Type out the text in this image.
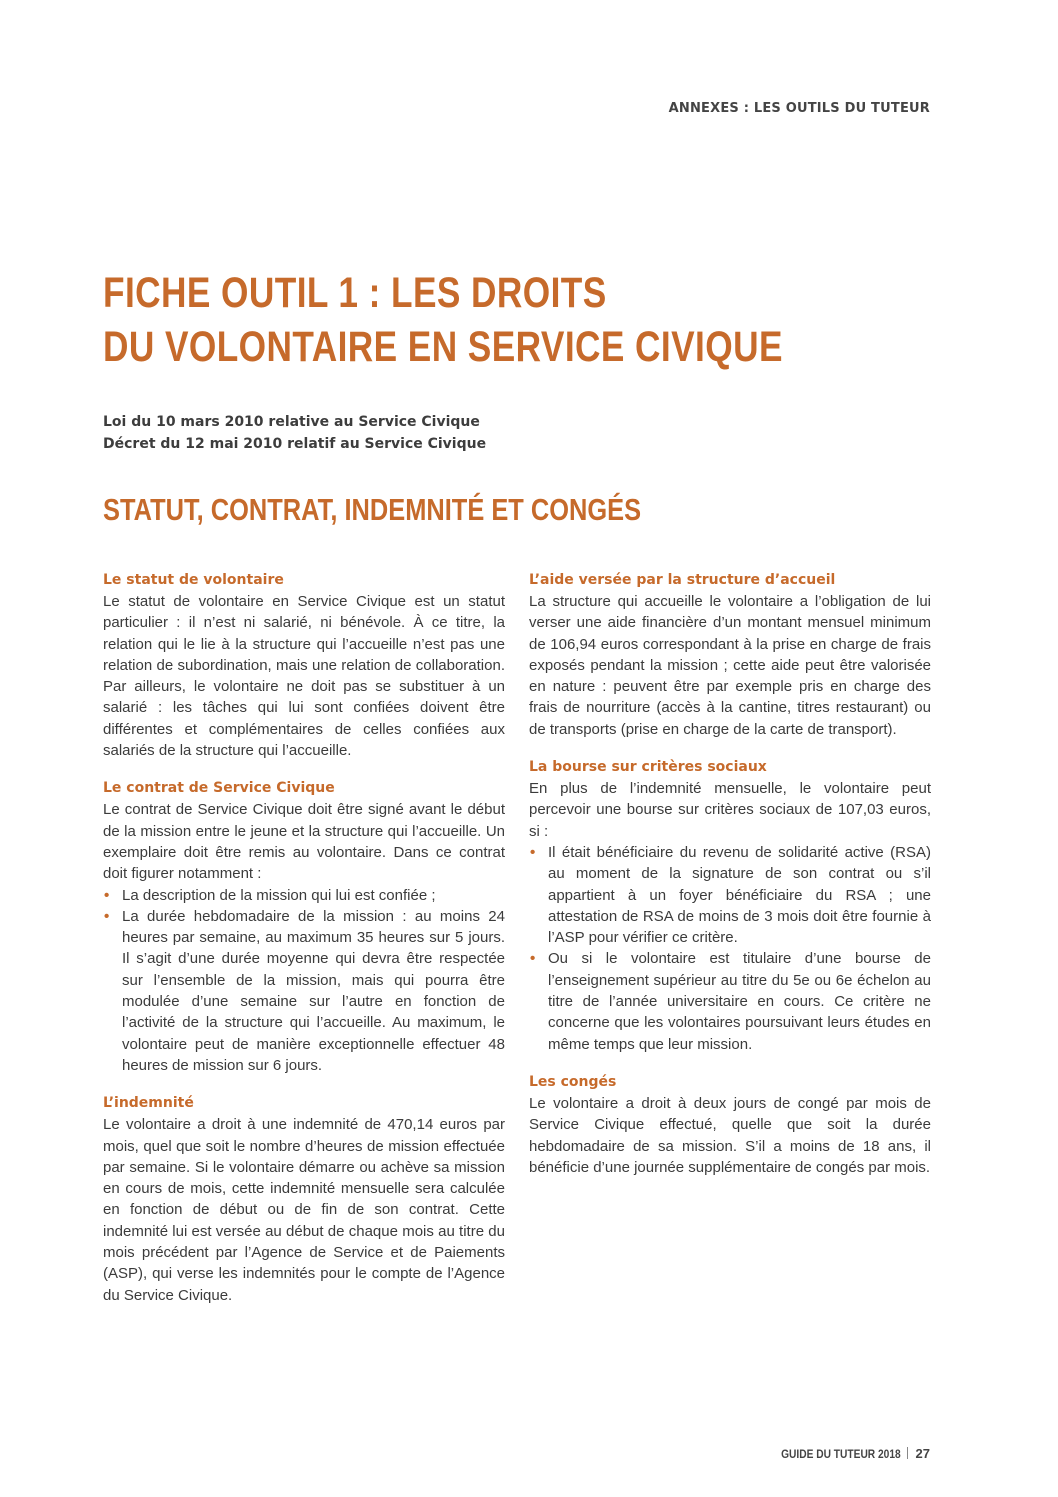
ANNEXES : LES OUTILS DU TUTEUR
FICHE OUTIL 1 : LES DROITS
DU VOLONTAIRE EN SERVICE CIVIQUE
Loi du 10 mars 2010 relative au Service Civique
Décret du 12 mai 2010 relatif au Service Civique
STATUT, CONTRAT, INDEMNITÉ ET CONGÉS
Le statut de volontaire

Le statut de volontaire en Service Civique est un statut particulier : il n’est ni salarié, ni bénévole. À ce titre, la relation qui le lie à la structure qui l’accueille n’est pas une relation de subordination, mais une relation de collaboration. Par ailleurs, le volontaire ne doit pas se substituer à un salarié : les tâches qui lui sont confiées doivent être différentes et complémentaires de celles confiées aux salariés de la structure qui l’accueille.

Le contrat de Service Civique

Le contrat de Service Civique doit être signé avant le début de la mission entre le jeune et la structure qui l’accueille. Un exemplaire doit être remis au volontaire. Dans ce contrat doit figurer notamment :

• La description de la mission qui lui est confiée ;
• La durée hebdomadaire de la mission : au moins 24 heures par semaine, au maximum 35 heures sur 5 jours. Il s’agit d’une durée moyenne qui devra être respectée sur l’ensemble de la mission, mais qui pourra être modulée d’une semaine sur l’autre en fonction de l’activité de la structure qui l’accueille. Au maximum, le volontaire peut de manière exceptionnelle effectuer 48 heures de mission sur 6 jours.
L’indemnité

Le volontaire a droit à une indemnité de 470,14 euros par mois, quel que soit le nombre d’heures de mission effectuée par semaine. Si le volontaire démarre ou achève sa mission en cours de mois, cette indemnité mensuelle sera calculée en fonction de début ou de fin de son contrat. Cette indemnité lui est versée au début de chaque mois au titre du mois précédent par l’Agence de Service et de Paiements (ASP), qui verse les indemnités pour le compte de l’Agence du Service Civique.

L’aide versée par la structure d’accueil

La structure qui accueille le volontaire a l’obligation de lui verser une aide financière d’un montant mensuel minimum de 106,94 euros correspondant à la prise en charge de frais exposés pendant la mission ; cette aide peut être valorisée en nature : peuvent être par exemple pris en charge des frais de nourriture (accès à la cantine, titres restaurant) ou de transports (prise en charge de la carte de transport).

La bourse sur critères sociaux

En plus de l’indemnité mensuelle, le volontaire peut percevoir une bourse sur critères sociaux de 107,03 euros, si :

• Il était bénéficiaire du revenu de solidarité active (RSA) au moment de la signature de son contrat ou s’il appartient à un foyer bénéficiaire du RSA ; une attestation de RSA de moins de 3 mois doit être fournie à l’ASP pour vérifier ce critère.
• Ou si le volontaire est titulaire d’une bourse de l’enseignement supérieur au titre du 5e ou 6e échelon au titre de l’année universitaire en cours. Ce critère ne concerne que les volontaires poursuivant leurs études en même temps que leur mission.
Les congés

Le volontaire a droit à deux jours de congé par mois de Service Civique effectué, quelle que soit la durée hebdomadaire de sa mission. S’il a moins de 18 ans, il bénéficie d’une journée supplémentaire de congés par mois.

GUIDE DU TUTEUR 2018 27
